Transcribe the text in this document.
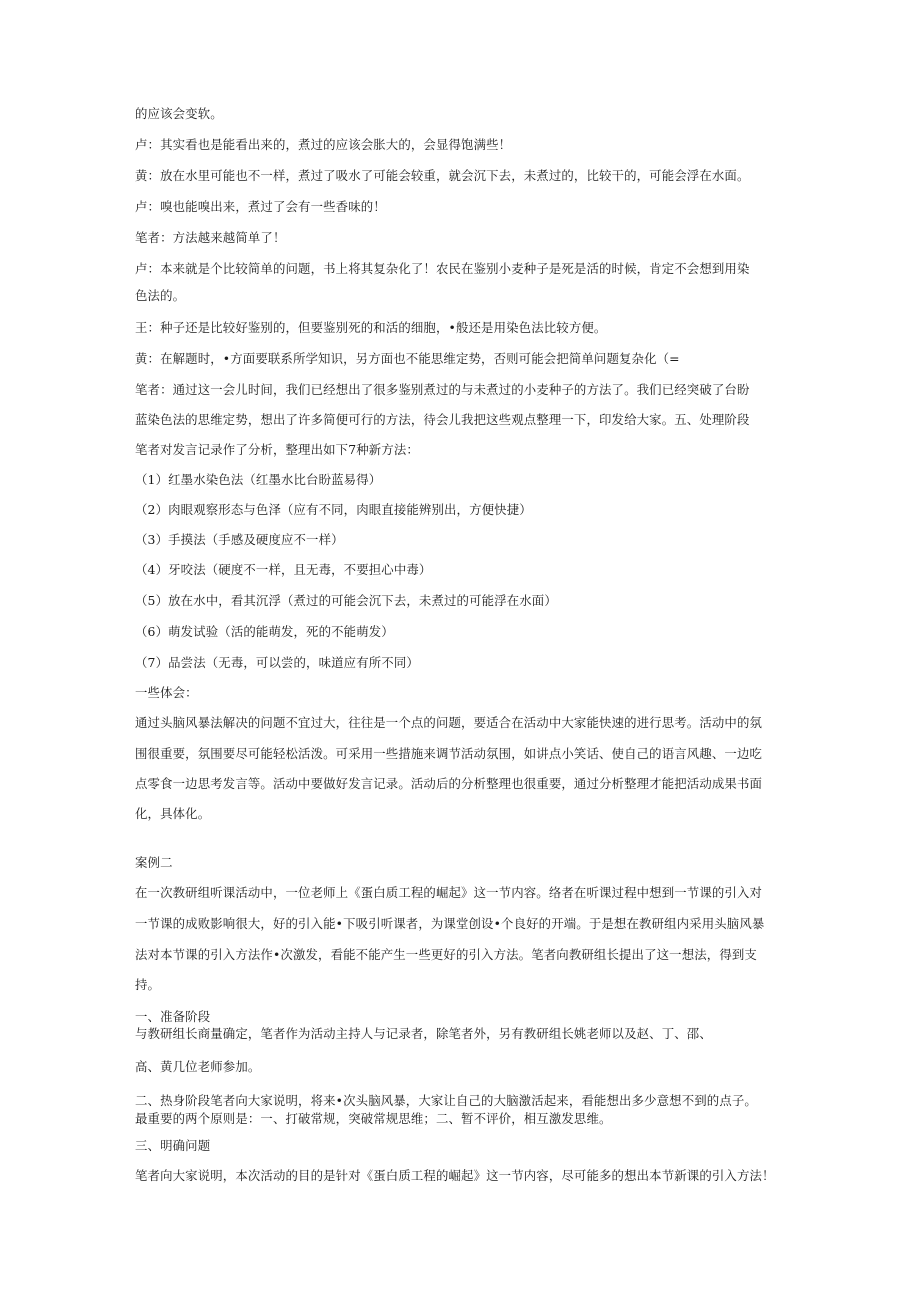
的应该会变软。

卢：其实看也是能看出来的，煮过的应该会胀大的，会显得饱满些！

黄：放在水里可能也不一样，煮过了吸水了可能会较重，就会沉下去，未煮过的，比较干的，可能会浮在水面。

卢：嗅也能嗅出来，煮过了会有一些香味的！

笔者：方法越来越简单了！

卢：本来就是个比较简单的问题，书上将其复杂化了！农民在鉴别小麦种子是死是活的时候，肯定不会想到用染

色法的。

王：种子还是比较好鉴别的，但要鉴别死的和活的细胞，•般还是用染色法比较方便。

黄：在解题时，•方面要联系所学知识，另方面也不能思维定势，否则可能会把简单问题复杂化（=

笔者：通过这一会儿时间，我们已经想出了很多鉴别煮过的与未煮过的小麦种子的方法了。我们已经突破了台盼

蓝染色法的思维定势，想出了许多简便可行的方法，待会儿我把这些观点整理一下，印发给大家。五、处理阶段

笔者对发言记录作了分析，整理出如下7种新方法：

（1）红墨水染色法（红墨水比台盼蓝易得）

（2）肉眼观察形态与色泽（应有不同，肉眼直接能辨别出，方便快捷）

（3）手摸法（手感及硬度应不一样）

（4）牙咬法（硬度不一样，且无毒，不要担心中毒）

（5）放在水中，看其沉浮（煮过的可能会沉下去，未煮过的可能浮在水面）

（6）萌发试验（活的能萌发，死的不能萌发）

（7）品尝法（无毒，可以尝的，味道应有所不同）

一些体会：

通过头脑风暴法解决的问题不宜过大，往往是一个点的问题，要适合在活动中大家能快速的进行思考。活动中的氛

围很重要，氛围要尽可能轻松活泼。可采用一些措施来调节活动氛围，如讲点小笑话、使自己的语言风趣、一边吃

点零食一边思考发言等。活动中要做好发言记录。活动后的分析整理也很重要，通过分析整理才能把活动成果书面

化，具体化。

案例二

在一次教研组听课活动中，一位老师上《蛋白质工程的崛起》这一节内容。络者在听课过程中想到一节课的引入对

一节课的成败影响很大，好的引入能•下吸引听课者，为课堂创设•个良好的开端。于是想在教研组内采用头脑风暴

法对本节课的引入方法作•次激发，看能不能产生一些更好的引入方法。笔者向教研组长提出了这一想法，得到支

持。

一、准备阶段

与教研组长商量确定，笔者作为活动主持人与记录者，除笔者外，另有教研组长姚老师以及赵、丁、邵、

高、黄几位老师参加。

二、热身阶段笔者向大家说明，将来•次头脑风暴，大家让自己的大脑激活起来，看能想出多少意想不到的点子。

最重要的两个原则是：一、打破常规，突破常规思维；二、暂不评价，相互激发思维。

三、明确问题

笔者向大家说明，本次活动的目的是针对《蛋白质工程的崛起》这一节内容，尽可能多的想出本节新课的引入方法！
